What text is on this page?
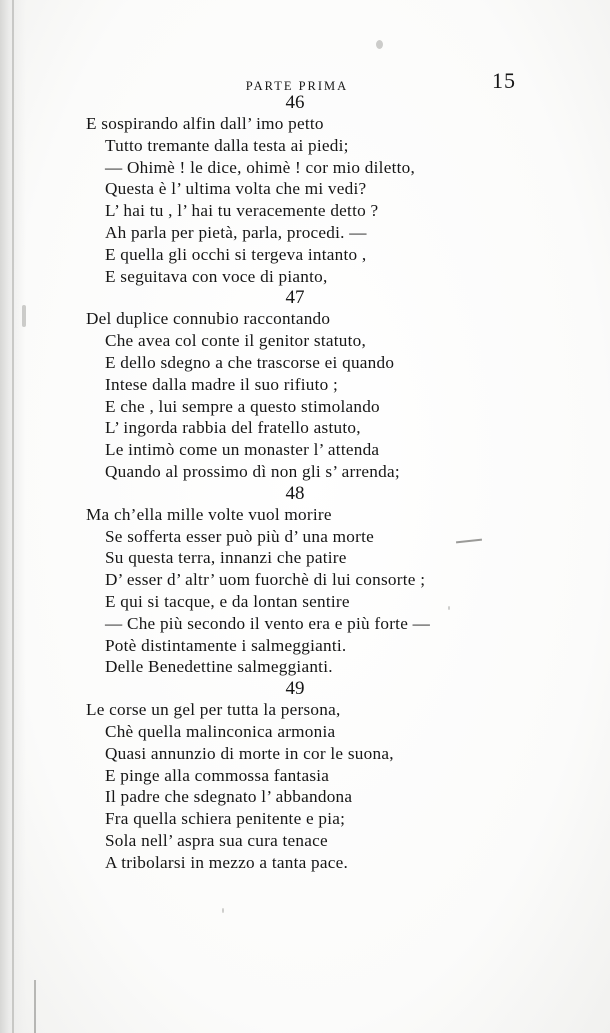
PARTE PRIMA	15
46
E sospirando alfin dall’ imo petto
Tutto tremante dalla testa ai piedi;
— Ohimè ! le dice, ohimè ! cor mio diletto,
Questa è l’ ultima volta che mi vedi?
L’ hai tu , l’ hai tu veracemente detto ?
Ah parla per pietà, parla, procedi. —
E quella gli occhi si tergeva intanto ,
E seguitava con voce di pianto,
47
Del duplice connubio raccontando
Che avea col conte il genitor statuto,
E dello sdegno a che trascorse ei quando
Intese dalla madre il suo rifiuto ;
E che , lui sempre a questo stimolando
L’ ingorda rabbia del fratello astuto,
Le intimò come un monaster l’ attenda
Quando al prossimo dì non gli s’ arrenda;
48
Ma ch’ella mille volte vuol morire
Se sofferta esser può più d’ una morte
Su questa terra, innanzi che patire
D’ esser d’ altr’ uom fuorchè di lui consorte ;
E qui si tacque, e da lontan sentire
— Che più secondo il vento era e più forte —
Potè distintamente i salmeggianti.
Delle Benedettine salmeggianti.
49
Le corse un gel per tutta la persona,
Chè quella malinconica armonia
Quasi annunzio di morte in cor le suona,
E pinge alla commossa fantasia
Il padre che sdegnato l’ abbandona
Fra quella schiera penitente e pia;
Sola nell’ aspra sua cura tenace
A tribolarsi in mezzo a tanta pace.
